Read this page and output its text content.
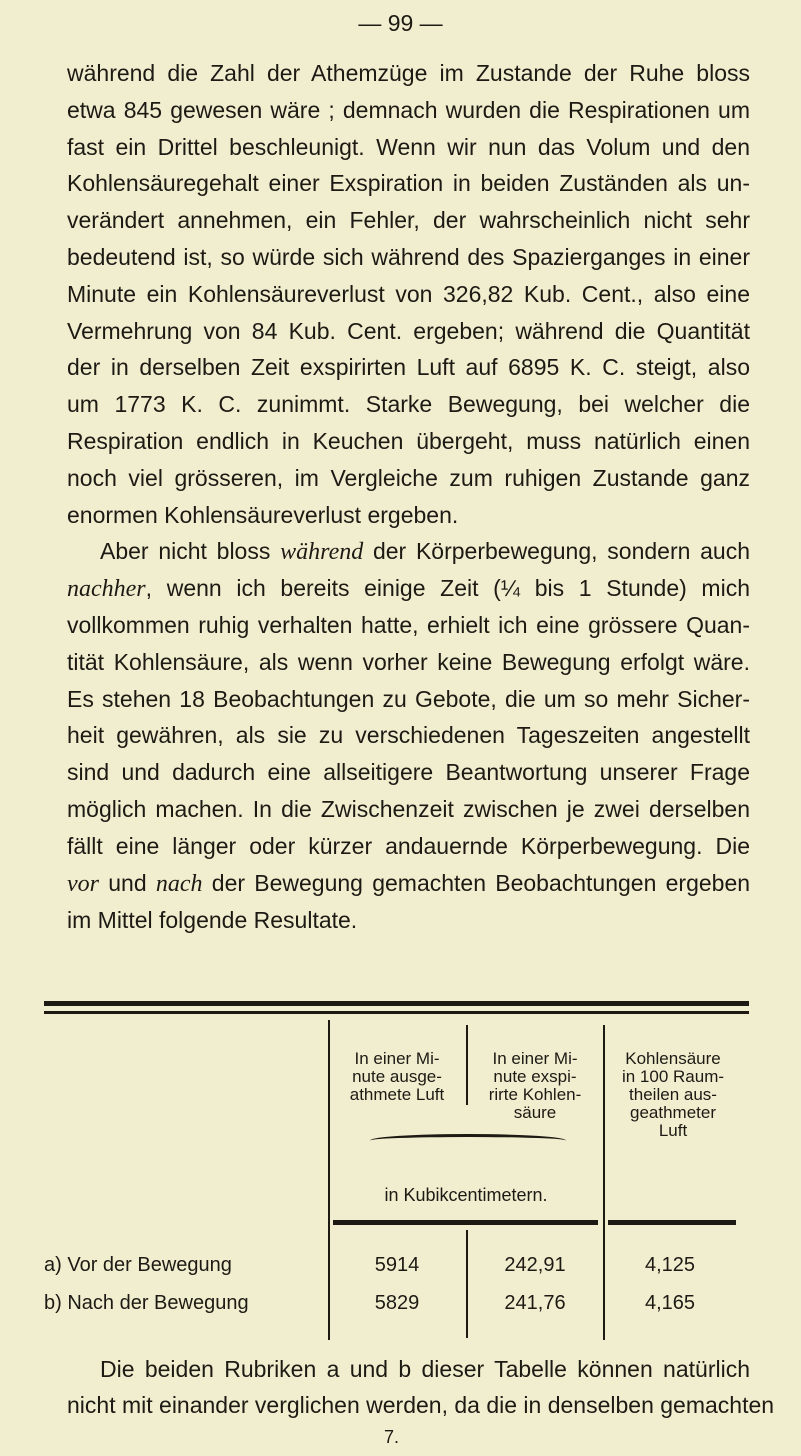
— 99 —
während die Zahl der Athemzüge im Zustande der Ruhe bloss
etwa 845 gewesen wäre ; demnach wurden die Respirationen um
fast ein Drittel beschleunigt. Wenn wir nun das Volum und den
Kohlensäuregehalt einer Exspiration in beiden Zuständen als un-
verändert annehmen, ein Fehler, der wahrscheinlich nicht sehr
bedeutend ist, so würde sich während des Spazierganges in einer
Minute ein Kohlensäureverlust von 326,82 Kub. Cent., also eine
Vermehrung von 84 Kub. Cent. ergeben; während die Quantität
der in derselben Zeit exspirirten Luft auf 6895 K. C. steigt, also
um 1773 K. C. zunimmt. Starke Bewegung, bei welcher die
Respiration endlich in Keuchen übergeht, muss natürlich einen
noch viel grösseren, im Vergleiche zum ruhigen Zustande ganz
enormen Kohlensäureverlust ergeben.
Aber nicht bloss während der Körperbewegung, sondern auch
nachher, wenn ich bereits einige Zeit (¼ bis 1 Stunde) mich
vollkommen ruhig verhalten hatte, erhielt ich eine grössere Quan-
tität Kohlensäure, als wenn vorher keine Bewegung erfolgt wäre.
Es stehen 18 Beobachtungen zu Gebote, die um so mehr Sicher-
heit gewähren, als sie zu verschiedenen Tageszeiten angestellt
sind und dadurch eine allseitigere Beantwortung unserer Frage
möglich machen. In die Zwischenzeit zwischen je zwei derselben
fällt eine länger oder kürzer andauernde Körperbewegung. Die
vor und nach der Bewegung gemachten Beobachtungen ergeben
im Mittel folgende Resultate.
In einer Mi-
nute ausge-
athmete Luft
In einer Mi-
nute exspi-
rirte Kohlen-
säure
Kohlensäure
in 100 Raum-
theilen aus-
geathmeter
Luft
in Kubikcentimetern.
a) Vor der Bewegung	5914	242,91	4,125
b) Nach der Bewegung	5829	241,76	4,165
Die beiden Rubriken a und b dieser Tabelle können natürlich
nicht mit einander verglichen werden, da die in denselben gemachten
7.
